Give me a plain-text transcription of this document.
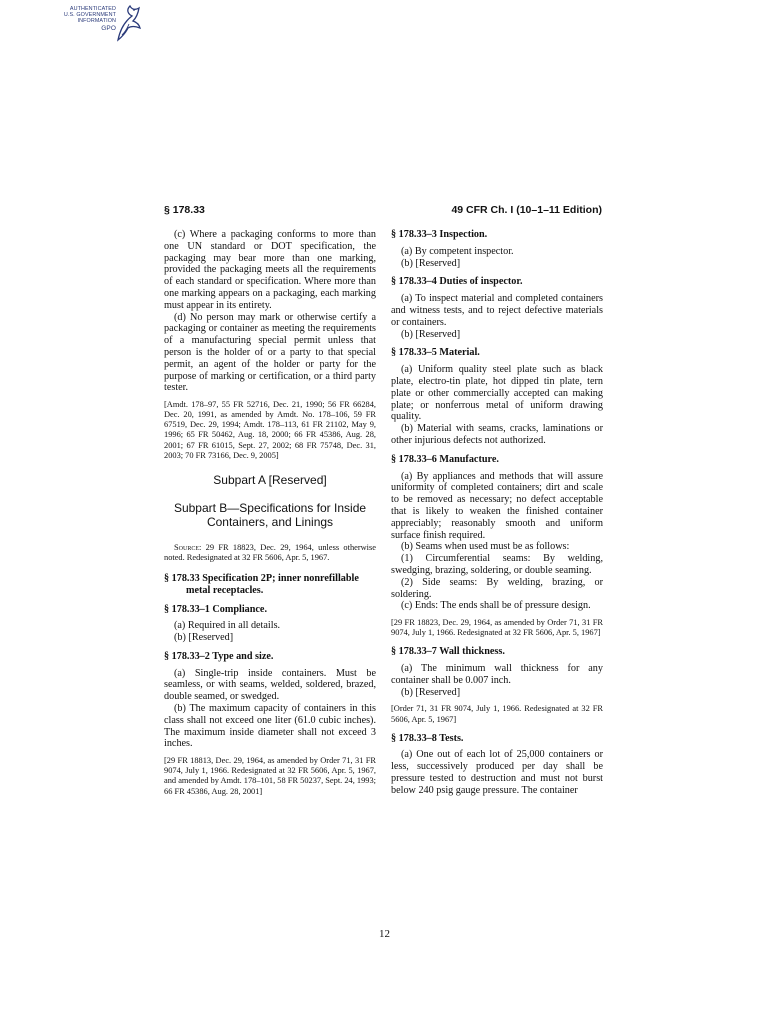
AUTHENTICATED
U.S. GOVERNMENT
INFORMATION
GPO
§ 178.33	49 CFR Ch. I (10–1–11 Edition)

(c) Where a packaging conforms to more than one UN standard or DOT specification, the packaging may bear more than one marking, provided the packaging meets all the requirements of each standard or specification. Where more than one marking appears on a packaging, each marking must appear in its entirety.

(d) No person may mark or otherwise certify a packaging or container as meeting the requirements of a manufacturing special permit unless that person is the holder of or a party to that special permit, an agent of the holder or party for the purpose of marking or certification, or a third party tester.

[Amdt. 178–97, 55 FR 52716, Dec. 21, 1990; 56 FR 66284, Dec. 20, 1991, as amended by Amdt. No. 178–106, 59 FR 67519, Dec. 29, 1994; Amdt. 178–113, 61 FR 21102, May 9, 1996; 65 FR 50462, Aug. 18, 2000; 66 FR 45386, Aug. 28, 2001; 67 FR 61015, Sept. 27, 2002; 68 FR 75748, Dec. 31, 2003; 70 FR 73166, Dec. 9, 2005]

Subpart A [Reserved]
Subpart B—Specifications for Inside Containers, and Linings

Source: 29 FR 18823, Dec. 29, 1964, unless otherwise noted. Redesignated at 32 FR 5606, Apr. 5, 1967.

§ 178.33 Specification 2P; inner nonrefillable metal receptacles.
§ 178.33–1 Compliance.

(a) Required in all details.

(b) [Reserved]

§ 178.33–2 Type and size.

(a) Single-trip inside containers. Must be seamless, or with seams, welded, soldered, brazed, double seamed, or swedged.

(b) The maximum capacity of containers in this class shall not exceed one liter (61.0 cubic inches). The maximum inside diameter shall not exceed 3 inches.

[29 FR 18813, Dec. 29, 1964, as amended by Order 71, 31 FR 9074, July 1, 1966. Redesignated at 32 FR 5606, Apr. 5, 1967, and amended by Amdt. 178–101, 58 FR 50237, Sept. 24, 1993; 66 FR 45386, Aug. 28, 2001]

§ 178.33–3 Inspection.

(a) By competent inspector.

(b) [Reserved]

§ 178.33–4 Duties of inspector.

(a) To inspect material and completed containers and witness tests, and to reject defective materials or containers.

(b) [Reserved]

§ 178.33–5 Material.

(a) Uniform quality steel plate such as black plate, electro-tin plate, hot dipped tin plate, tern plate or other commercially accepted can making plate; or nonferrous metal of uniform drawing quality.

(b) Material with seams, cracks, laminations or other injurious defects not authorized.

§ 178.33–6 Manufacture.

(a) By appliances and methods that will assure uniformity of completed containers; dirt and scale to be removed as necessary; no defect acceptable that is likely to weaken the finished container appreciably; reasonably smooth and uniform surface finish required.

(b) Seams when used must be as follows:

(1) Circumferential seams: By welding, swedging, brazing, soldering, or double seaming.

(2) Side seams: By welding, brazing, or soldering.

(c) Ends: The ends shall be of pressure design.

[29 FR 18823, Dec. 29, 1964, as amended by Order 71, 31 FR 9074, July 1, 1966. Redesignated at 32 FR 5606, Apr. 5, 1967]

§ 178.33–7 Wall thickness.

(a) The minimum wall thickness for any container shall be 0.007 inch.

(b) [Reserved]

[Order 71, 31 FR 9074, July 1, 1966. Redesignated at 32 FR 5606, Apr. 5, 1967]

§ 178.33–8 Tests.

(a) One out of each lot of 25,000 containers or less, successively produced per day shall be pressure tested to destruction and must not burst below 240 psig gauge pressure. The container

12
